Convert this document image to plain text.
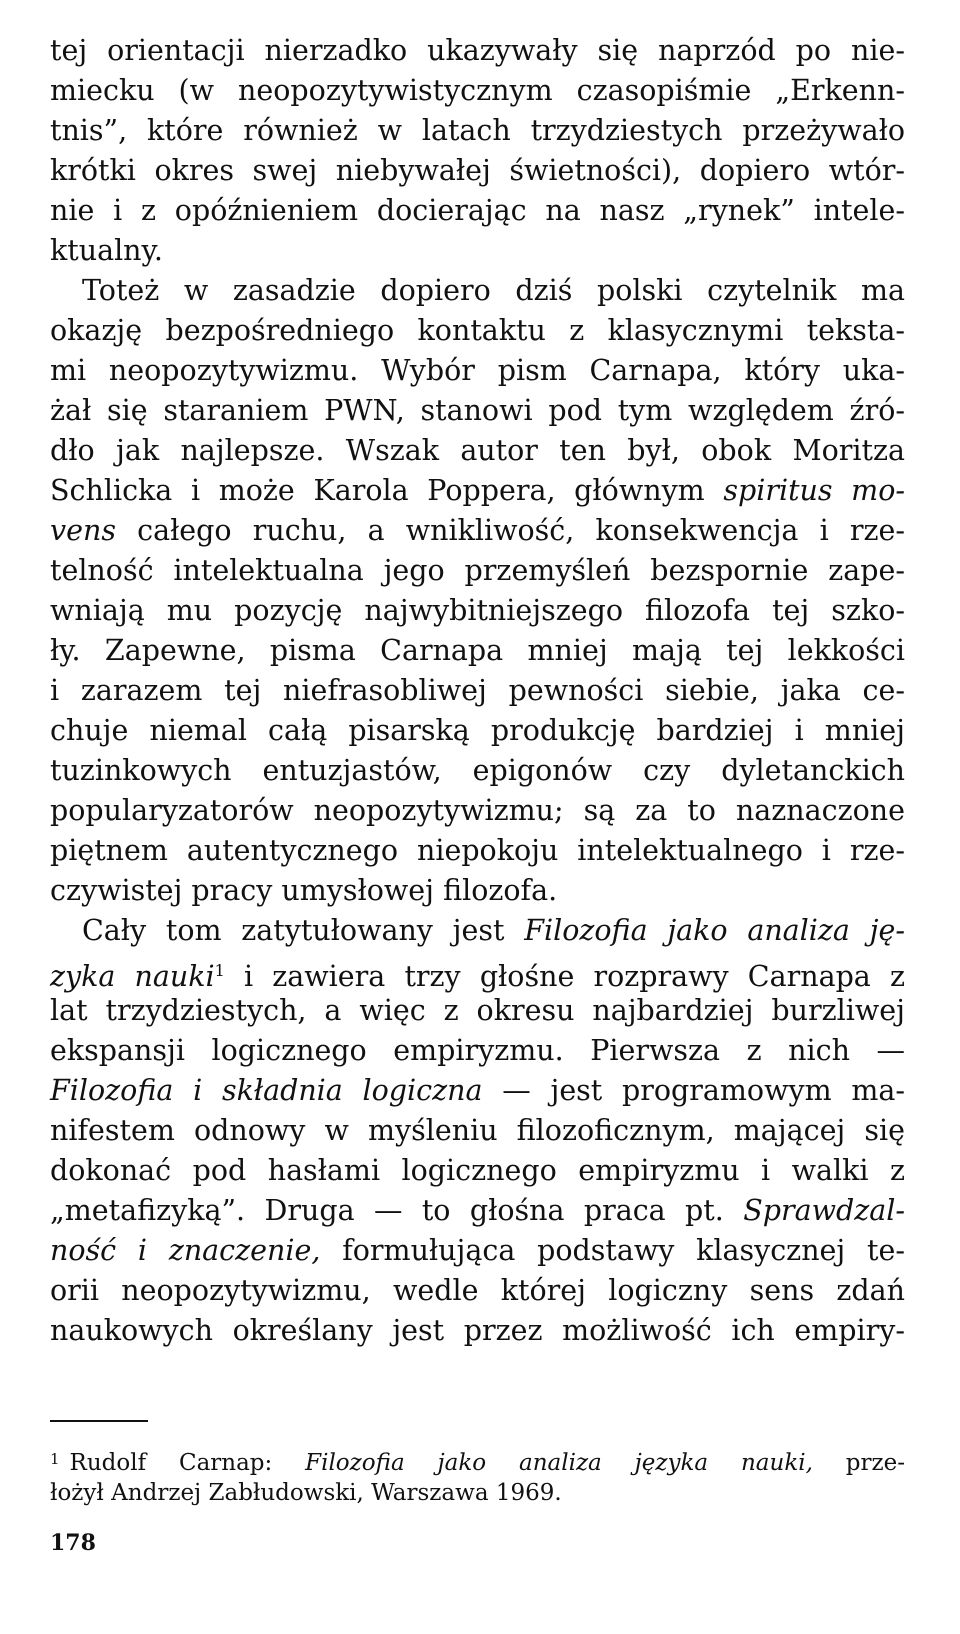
tej orientacji nierzadko ukazywały się naprzód po nie-
miecku (w neopozytywistycznym czasopiśmie „Erkenn-
tnis”, które również w latach trzydziestych przeżywało
krótki okres swej niebywałej świetności), dopiero wtór-
nie i z opóźnieniem docierając na nasz „rynek” intele-
ktualny.
Toteż w zasadzie dopiero dziś polski czytelnik ma
okazję bezpośredniego kontaktu z klasycznymi teksta-
mi neopozytywizmu. Wybór pism Carnapa, który uka-
żał się staraniem PWN, stanowi pod tym względem źró-
dło jak najlepsze. Wszak autor ten był, obok Moritza
Schlicka i może Karola Poppera, głównym spiritus mo-
vens całego ruchu, a wnikliwość, konsekwencja i rze-
telność intelektualna jego przemyśleń bezspornie zape-
wniają mu pozycję najwybitniejszego filozofa tej szko-
ły. Zapewne, pisma Carnapa mniej mają tej lekkości
i zarazem tej niefrasobliwej pewności siebie, jaka ce-
chuje niemal całą pisarską produkcję bardziej i mniej
tuzinkowych entuzjastów, epigonów czy dyletanckich
popularyzatorów neopozytywizmu; są za to naznaczone
piętnem autentycznego niepokoju intelektualnego i rze-
czywistej pracy umysłowej filozofa.
Cały tom zatytułowany jest Filozofia jako analiza ję-
zyka nauki$^1$ i zawiera trzy głośne rozprawy Carnapa z
lat trzydziestych, a więc z okresu najbardziej burzliwej
ekspansji logicznego empiryzmu. Pierwsza z nich —
Filozofia i składnia logiczna — jest programowym ma-
nifestem odnowy w myśleniu filozoficznym, mającej się
dokonać pod hasłami logicznego empiryzmu i walki z
„metafizyką”. Druga — to głośna praca pt. Sprawdzal-
ność i znaczenie, formułująca podstawy klasycznej te-
orii neopozytywizmu, wedle której logiczny sens zdań
naukowych określany jest przez możliwość ich empiry-
$^1$ Rudolf Carnap: Filozofia jako analiza języka nauki, prze-
łożył Andrzej Zabłudowski, Warszawa 1969.
178
